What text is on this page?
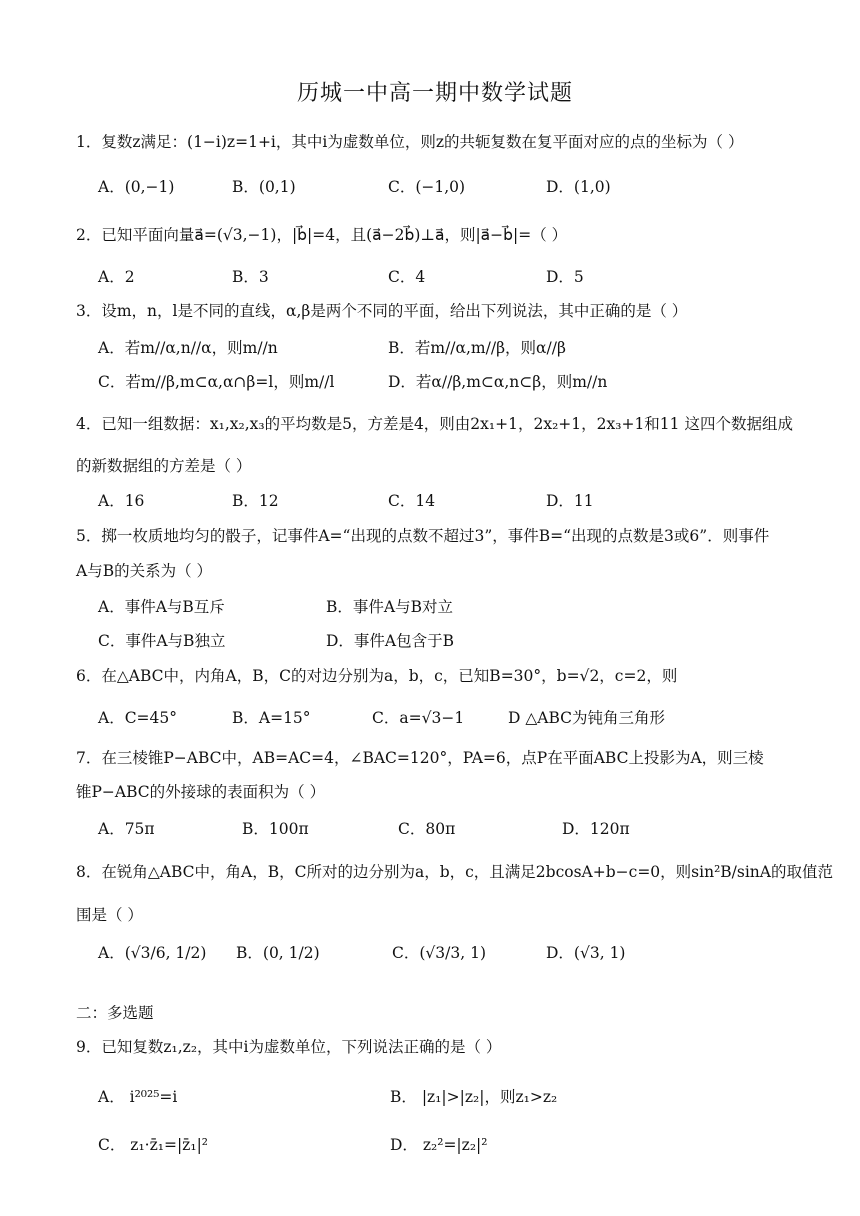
历城一中高一期中数学试题
1．复数z满足：(1−i)z=1+i，其中i为虚数单位，则z的共轭复数在复平面对应的点的坐标为（ ）
A．(0,−1)	B．(0,1)	C．(−1,0)	D．(1,0)
2．已知平面向量a⃗=(√3,−1)，|b⃗|=4，且(a⃗−2b⃗)⊥a⃗，则|a⃗−b⃗|=（ ）
A．2	B．3	C．4	D．5
3．设m，n，l是不同的直线，α,β是两个不同的平面，给出下列说法，其中正确的是（ ）
A．若m//α,n//α，则m//n	B．若m//α,m//β，则α//β
C．若m//β,m⊂α,α∩β=l，则m//l	D．若α//β,m⊂α,n⊂β，则m//n
4．已知一组数据：x₁,x₂,x₃的平均数是5，方差是4，则由2x₁+1，2x₂+1，2x₃+1和11 这四个数据组成
的新数据组的方差是（ ）
A．16	B．12	C．14	D．11
5．掷一枚质地均匀的骰子，记事件A=“出现的点数不超过3”，事件B=“出现的点数是3或6”．则事件
A与B的关系为（ ）
A．事件A与B互斥	B．事件A与B对立
C．事件A与B独立	D．事件A包含于B
6．在△ABC中，内角A，B，C的对边分别为a，b，c，已知B=30°，b=√2，c=2，则
A．C=45°	B．A=15°	C．a=√3−1	D △ABC为钝角三角形
7．在三棱锥P−ABC中，AB=AC=4，∠BAC=120°，PA=6，点P在平面ABC上投影为A，则三棱
锥P−ABC的外接球的表面积为（ ）
A．75π	B．100π	C．80π	D．120π
8．在锐角△ABC中，角A，B，C所对的边分别为a，b，c，且满足2bcosA+b−c=0，则sin²B/sinA的取值范
围是（ ）
A．(√3/6, 1/2) B．(0, 1/2)	C．(√3/3, 1)	D．(√3, 1)
二：多选题
9．已知复数z₁,z₂，其中i为虚数单位，下列说法正确的是（ ）
A． i²⁰²⁵=i	B． |z₁|>|z₂|，则z₁>z₂
C． z₁·z̄₁=|z̄₁|²	D． z₂²=|z₂|²
